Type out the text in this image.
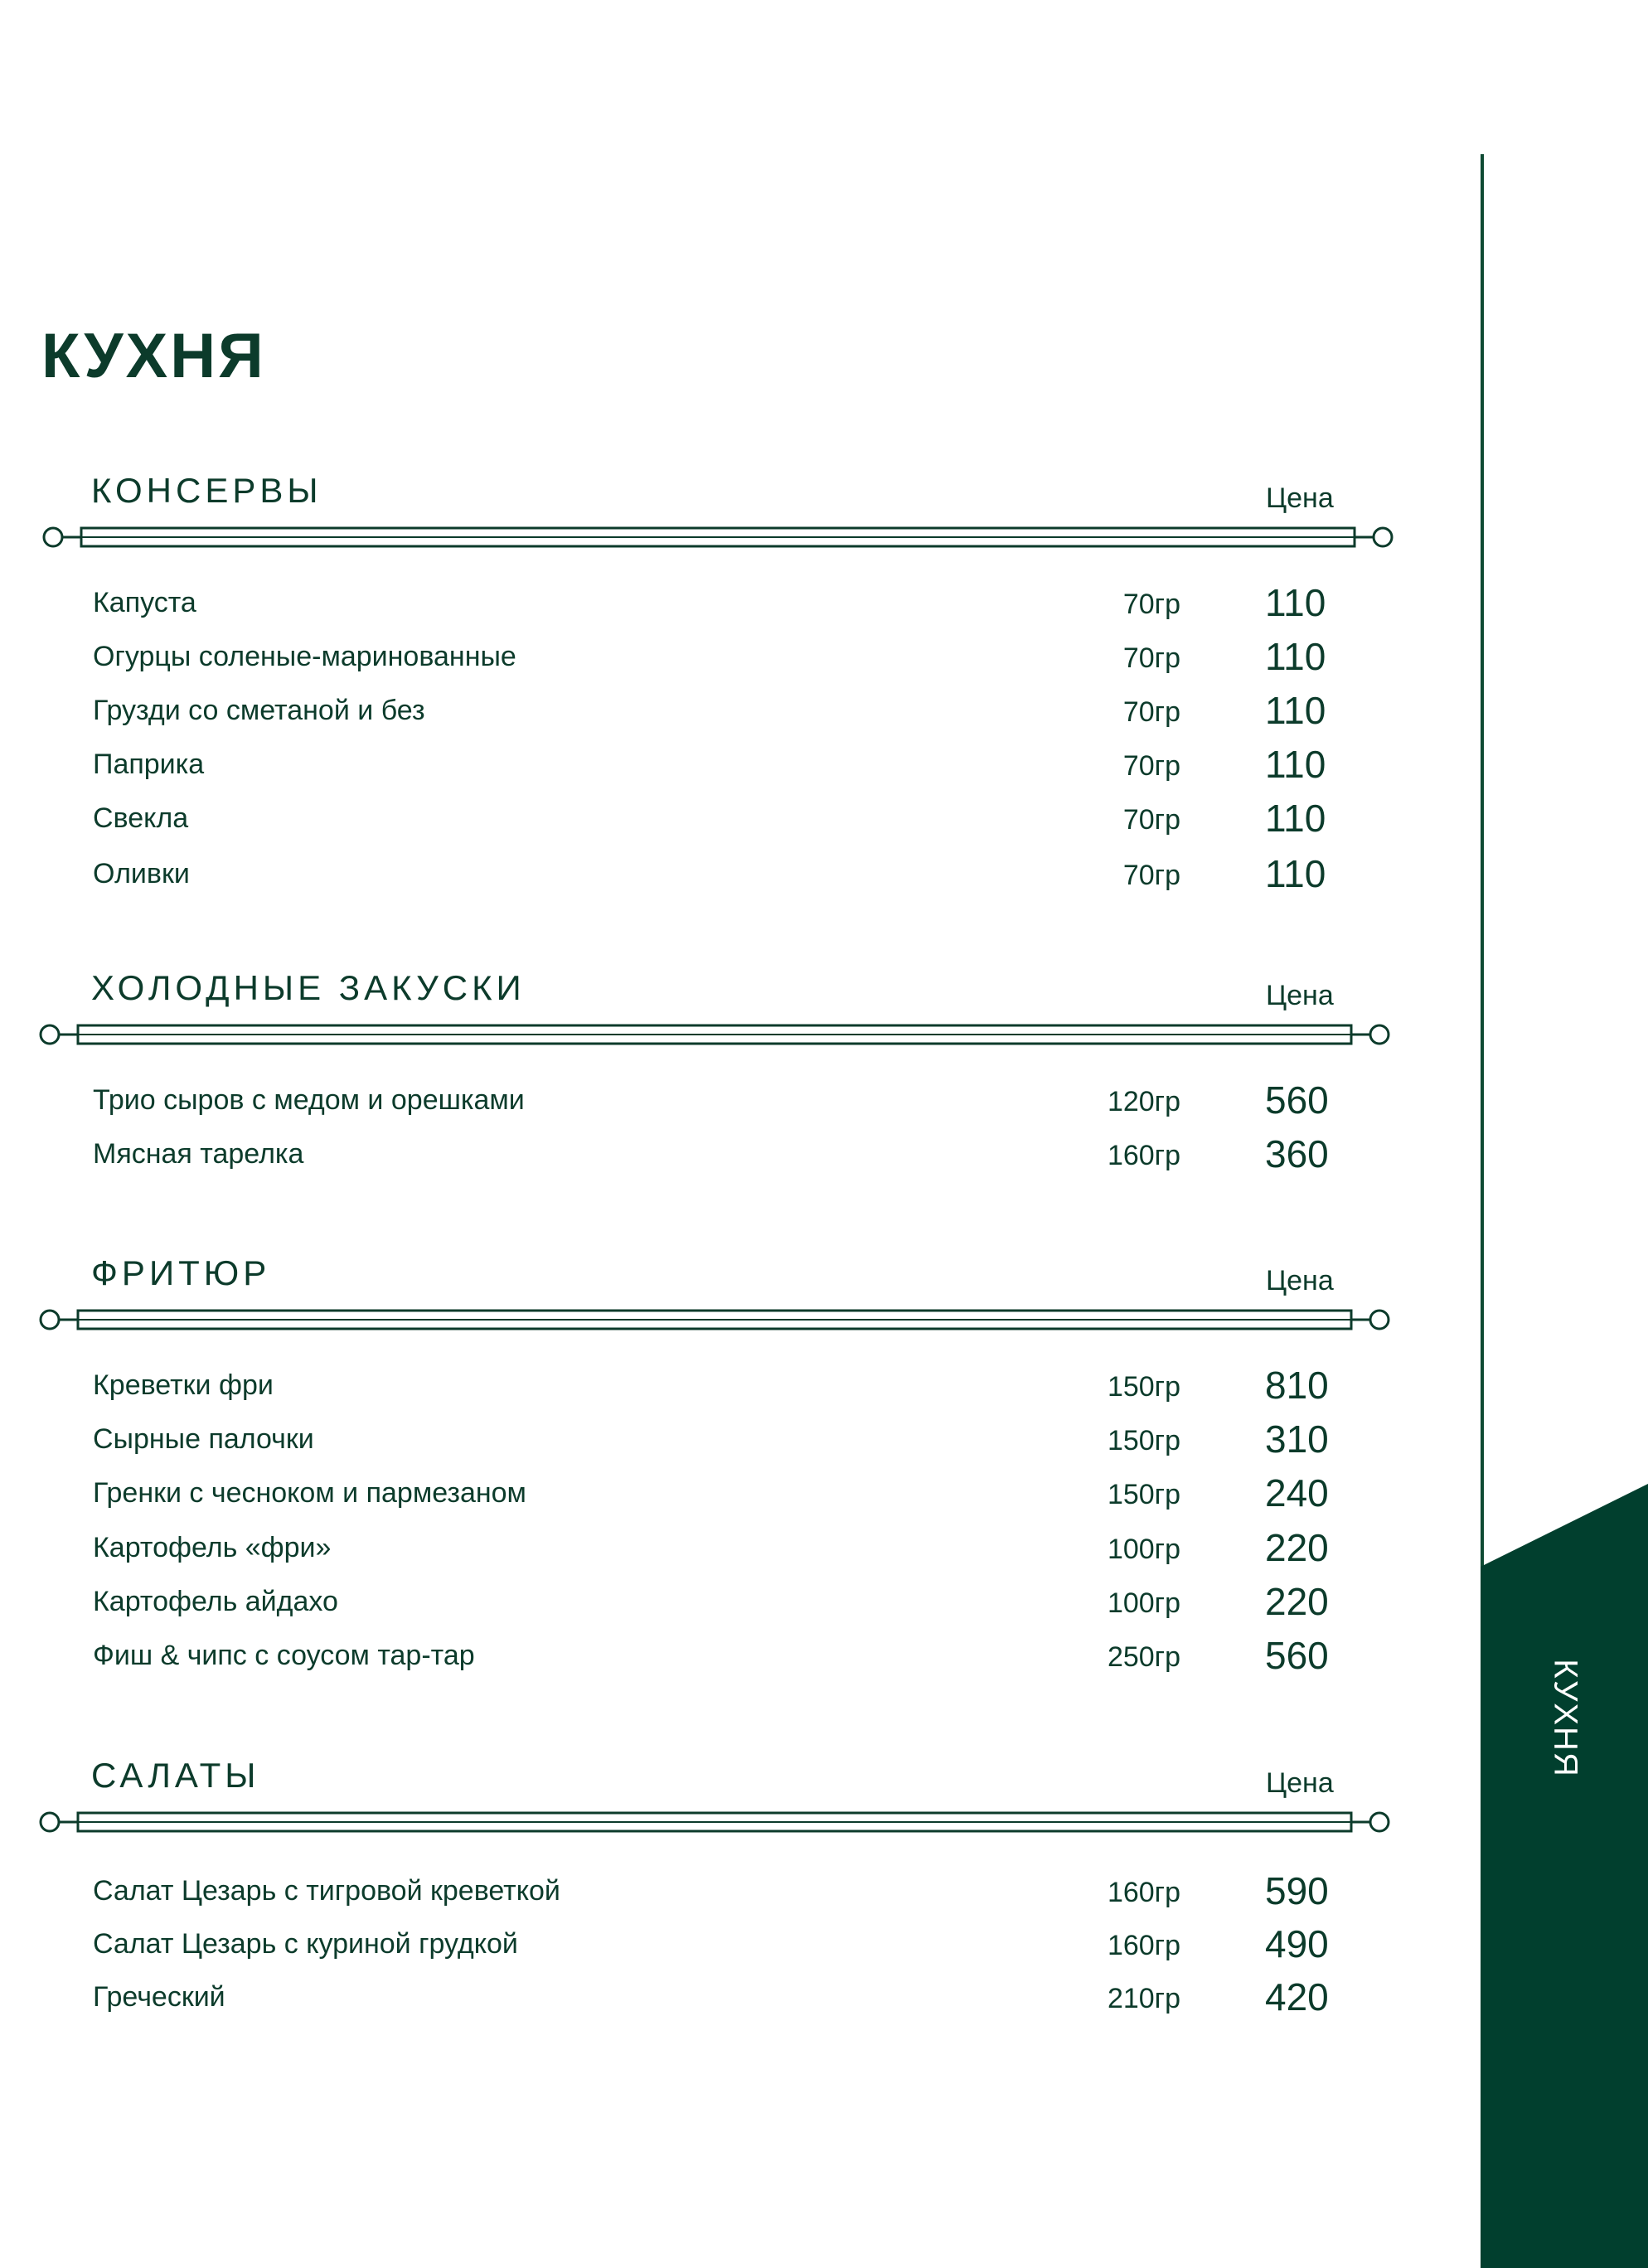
КУХНЯ
КУХНЯ
КОНСЕРВЫ	Цена
Капуста	70гр 110
Огурцы соленые-маринованные	70гр 110
Грузди со сметаной и без	70гр 110
Паприка	70гр 110
Свекла	70гр 110
Оливки	70гр 110
ХОЛОДНЫЕ ЗАКУСКИ	Цена
Трио сыров с медом и орешками	120гр 560
Мясная тарелка	160гр 360
ФРИТЮР	Цена
Креветки фри	150гр 810
Сырные палочки	150гр 310
Гренки с чесноком и пармезаном	150гр 240
Картофель «фри»	100гр 220
Картофель айдахо	100гр 220
Фиш & чипс с соусом тар-тар	250гр 560
САЛАТЫ	Цена
Салат Цезарь с тигровой креветкой	160гр 590
Салат Цезарь с куриной грудкой	160гр 490
Греческий	210гр 420
